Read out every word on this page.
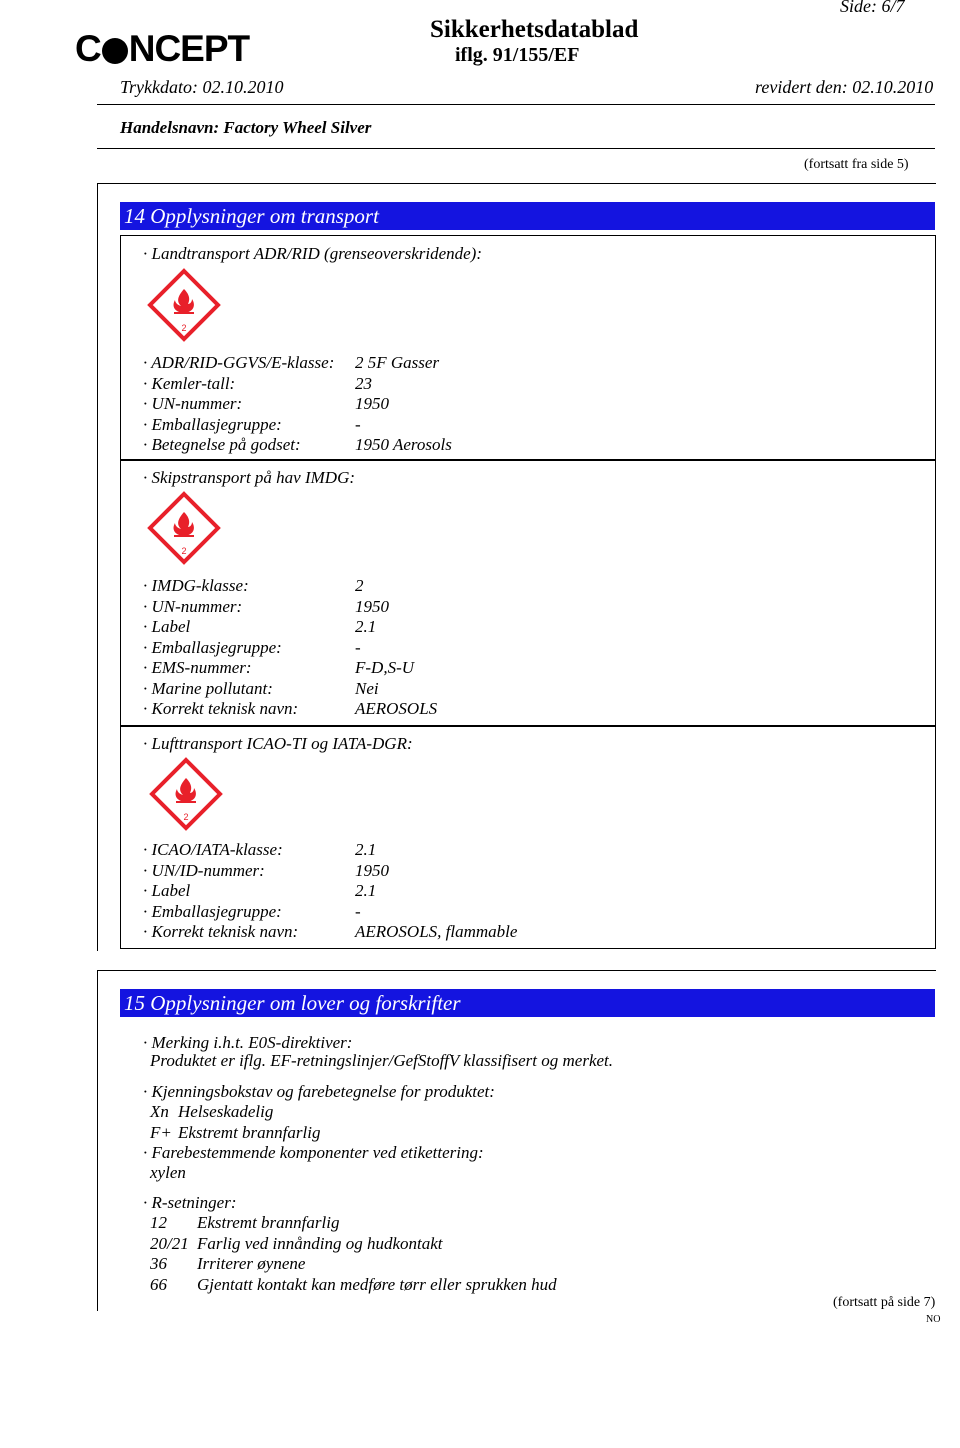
C NCEPT	Sikkerhetsdatablad
iflg. 91/155/EF
Side: 6/7
Trykkdato: 02.10.2010	revidert den: 02.10.2010
Handelsnavn: Factory Wheel Silver
(fortsatt fra side 5)
14 Opplysninger om transport
· Landtransport ADR/RID (grenseoverskridende):
2
· ADR/RID-GGVS/E-klasse: 2 5F Gasser
· Kemler-tall:	23
· UN-nummer:	1950
· Emballasjegruppe:	-
· Betegnelse på godset:	1950 Aerosols
· Skipstransport på hav IMDG:
2
· IMDG-klasse:	2
· UN-nummer:	1950
· Label	2.1
· Emballasjegruppe:	-
· EMS-nummer:	F-D,S-U
· Marine pollutant:	Nei
· Korrekt teknisk navn:	AEROSOLS
· Lufttransport ICAO-TI og IATA-DGR:
2
· ICAO/IATA-klasse:	2.1
· UN/ID-nummer:	1950
· Label	2.1
· Emballasjegruppe:	-
· Korrekt teknisk navn:	AEROSOLS, flammable
15 Opplysninger om lover og forskrifter
· Merking i.h.t. E0S-direktiver:
Produktet er iflg. EF-retningslinjer/GefStoffV klassifisert og merket.
· Kjenningsbokstav og farebetegnelse for produktet:
Xn Helseskadelig
F+ Ekstremt brannfarlig
· Farebestemmende komponenter ved etikettering:
xylen
· R-setninger:
12 Ekstremt brannfarlig
20/21 Farlig ved innånding og hudkontakt
36 Irriterer øynene
66 Gjentatt kontakt kan medføre tørr eller sprukken hud
(fortsatt på side 7)
NO
